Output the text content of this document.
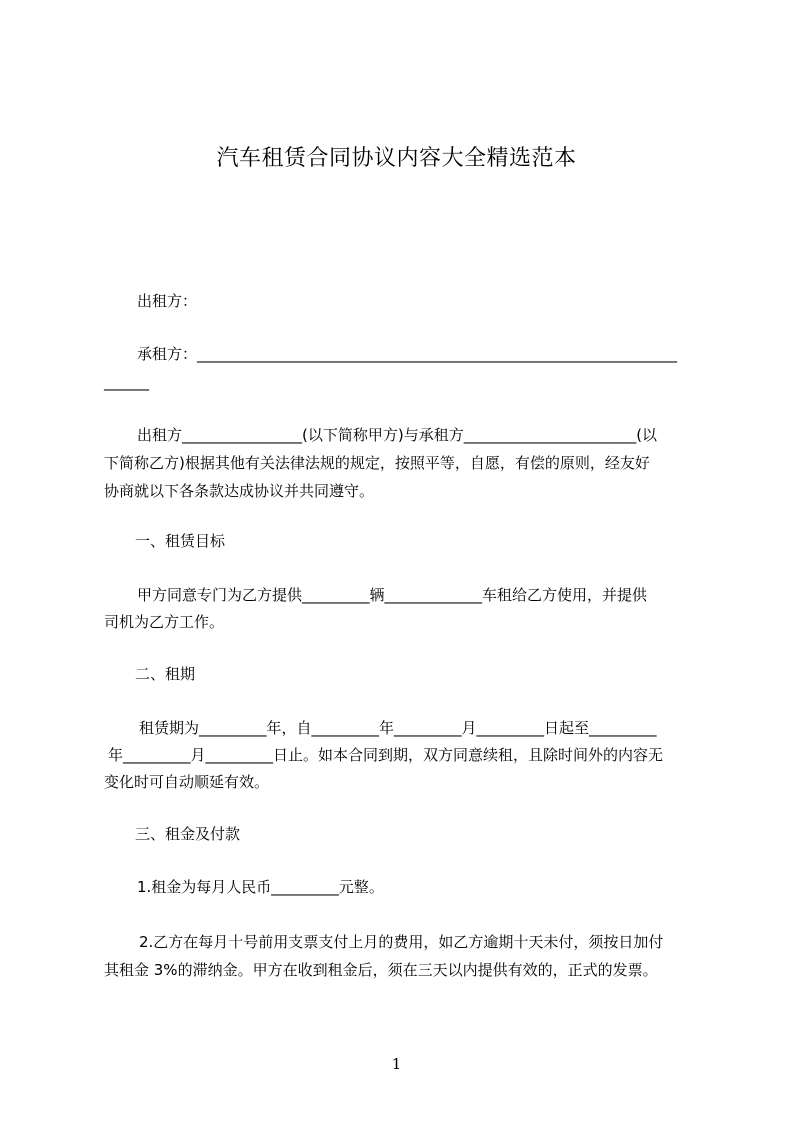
汽车租赁合同协议内容大全精选范本
出租方：
承租方：________________________________________________________________
______
出租方________________(以下简称甲方)与承租方_______________________(以
下简称乙方)根据其他有关法律法规的规定，按照平等，自愿，有偿的原则，经友好
协商就以下各条款达成协议并共同遵守。
一、租赁目标
甲方同意专门为乙方提供_________辆_____________车租给乙方使用，并提供
司机为乙方工作。
二、租期
租赁期为_________年，自_________年_________月_________日起至_________
年_________月_________日止。如本合同到期，双方同意续租，且除时间外的内容无
变化时可自动顺延有效。
三、租金及付款
1.租金为每月人民币_________元整。
2.乙方在每月十号前用支票支付上月的费用，如乙方逾期十天未付，须按日加付
其租金 3%的滞纳金。甲方在收到租金后，须在三天以内提供有效的，正式的发票。
1
